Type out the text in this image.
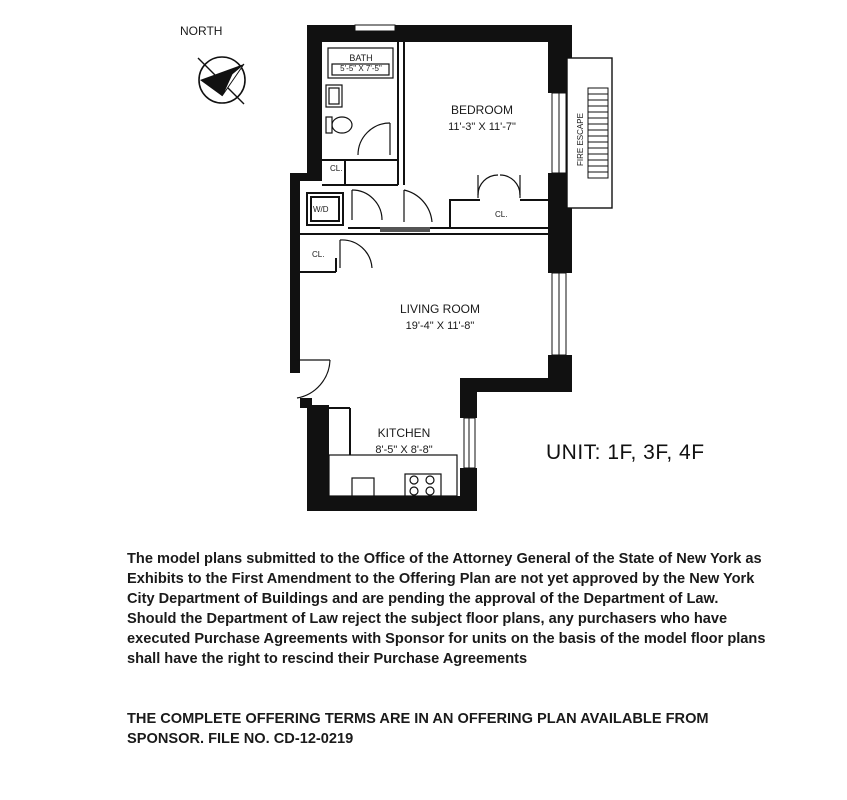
NORTH
FIRE ESCAPE
BATH
5'-5" X 7'-5"
BEDROOM
11'-3" X 11'-7"
CL.
W/D
CL.
CL.
LIVING ROOM
19'-4" X 11'-8"
KITCHEN
8'-5" X 8'-8"	UNIT: 1F, 3F, 4F

The model plans submitted to the Office of the Attorney General of the State of New York as Exhibits to the First Amendment to the Offering Plan are not yet approved by the New York City Department of Buildings and are pending the approval of the Department of Law. Should the Department of Law reject the subject floor plans, any purchasers who have executed Purchase Agreements with Sponsor for units on the basis of the model floor plans shall have the right to rescind their Purchase Agreements

THE COMPLETE OFFERING TERMS ARE IN AN OFFERING PLAN AVAILABLE FROM SPONSOR. FILE NO. CD-12-0219
